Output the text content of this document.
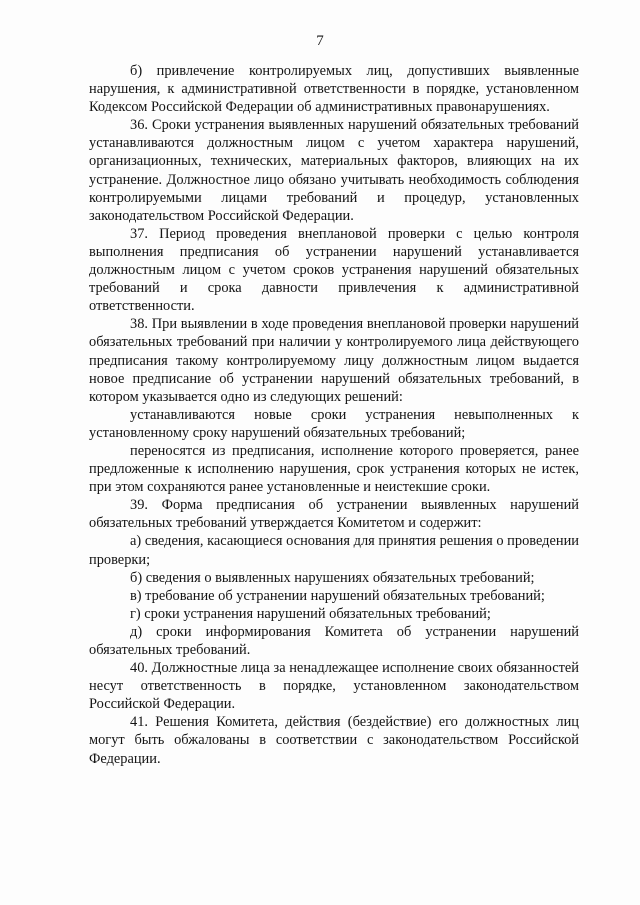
7

б) привлечение контролируемых лиц, допустивших выявленные нарушения, к административной ответственности в порядке, установленном Кодексом Российской Федерации об административных правонарушениях.

36. Сроки устранения выявленных нарушений обязательных требований устанавливаются должностным лицом с учетом характера нарушений, организационных, технических, материальных факторов, влияющих на их устранение. Должностное лицо обязано учитывать необходимость соблюдения контролируемыми лицами требований и процедур, установленных законодательством Российской Федерации.

37. Период проведения внеплановой проверки с целью контроля выполнения предписания об устранении нарушений устанавливается должностным лицом с учетом сроков устранения нарушений обязательных требований и срока давности привлечения к административной ответственности.

38. При выявлении в ходе проведения внеплановой проверки нарушений обязательных требований при наличии у контролируемого лица действующего предписания такому контролируемому лицу должностным лицом выдается новое предписание об устранении нарушений обязательных требований, в котором указывается одно из следующих решений:

устанавливаются новые сроки устранения невыполненных к установленному сроку нарушений обязательных требований;

переносятся из предписания, исполнение которого проверяется, ранее предложенные к исполнению нарушения, срок устранения которых не истек, при этом сохраняются ранее установленные и неистекшие сроки.

39. Форма предписания об устранении выявленных нарушений обязательных требований утверждается Комитетом и содержит:

а) сведения, касающиеся основания для принятия решения о проведении проверки;

б) сведения о выявленных нарушениях обязательных требований;

в) требование об устранении нарушений обязательных требований;

г) сроки устранения нарушений обязательных требований;

д) сроки информирования Комитета об устранении нарушений обязательных требований.

40. Должностные лица за ненадлежащее исполнение своих обязанностей несут ответственность в порядке, установленном законодательством Российской Федерации.

41. Решения Комитета, действия (бездействие) его должностных лиц могут быть обжалованы в соответствии с законодательством Российской Федерации.
